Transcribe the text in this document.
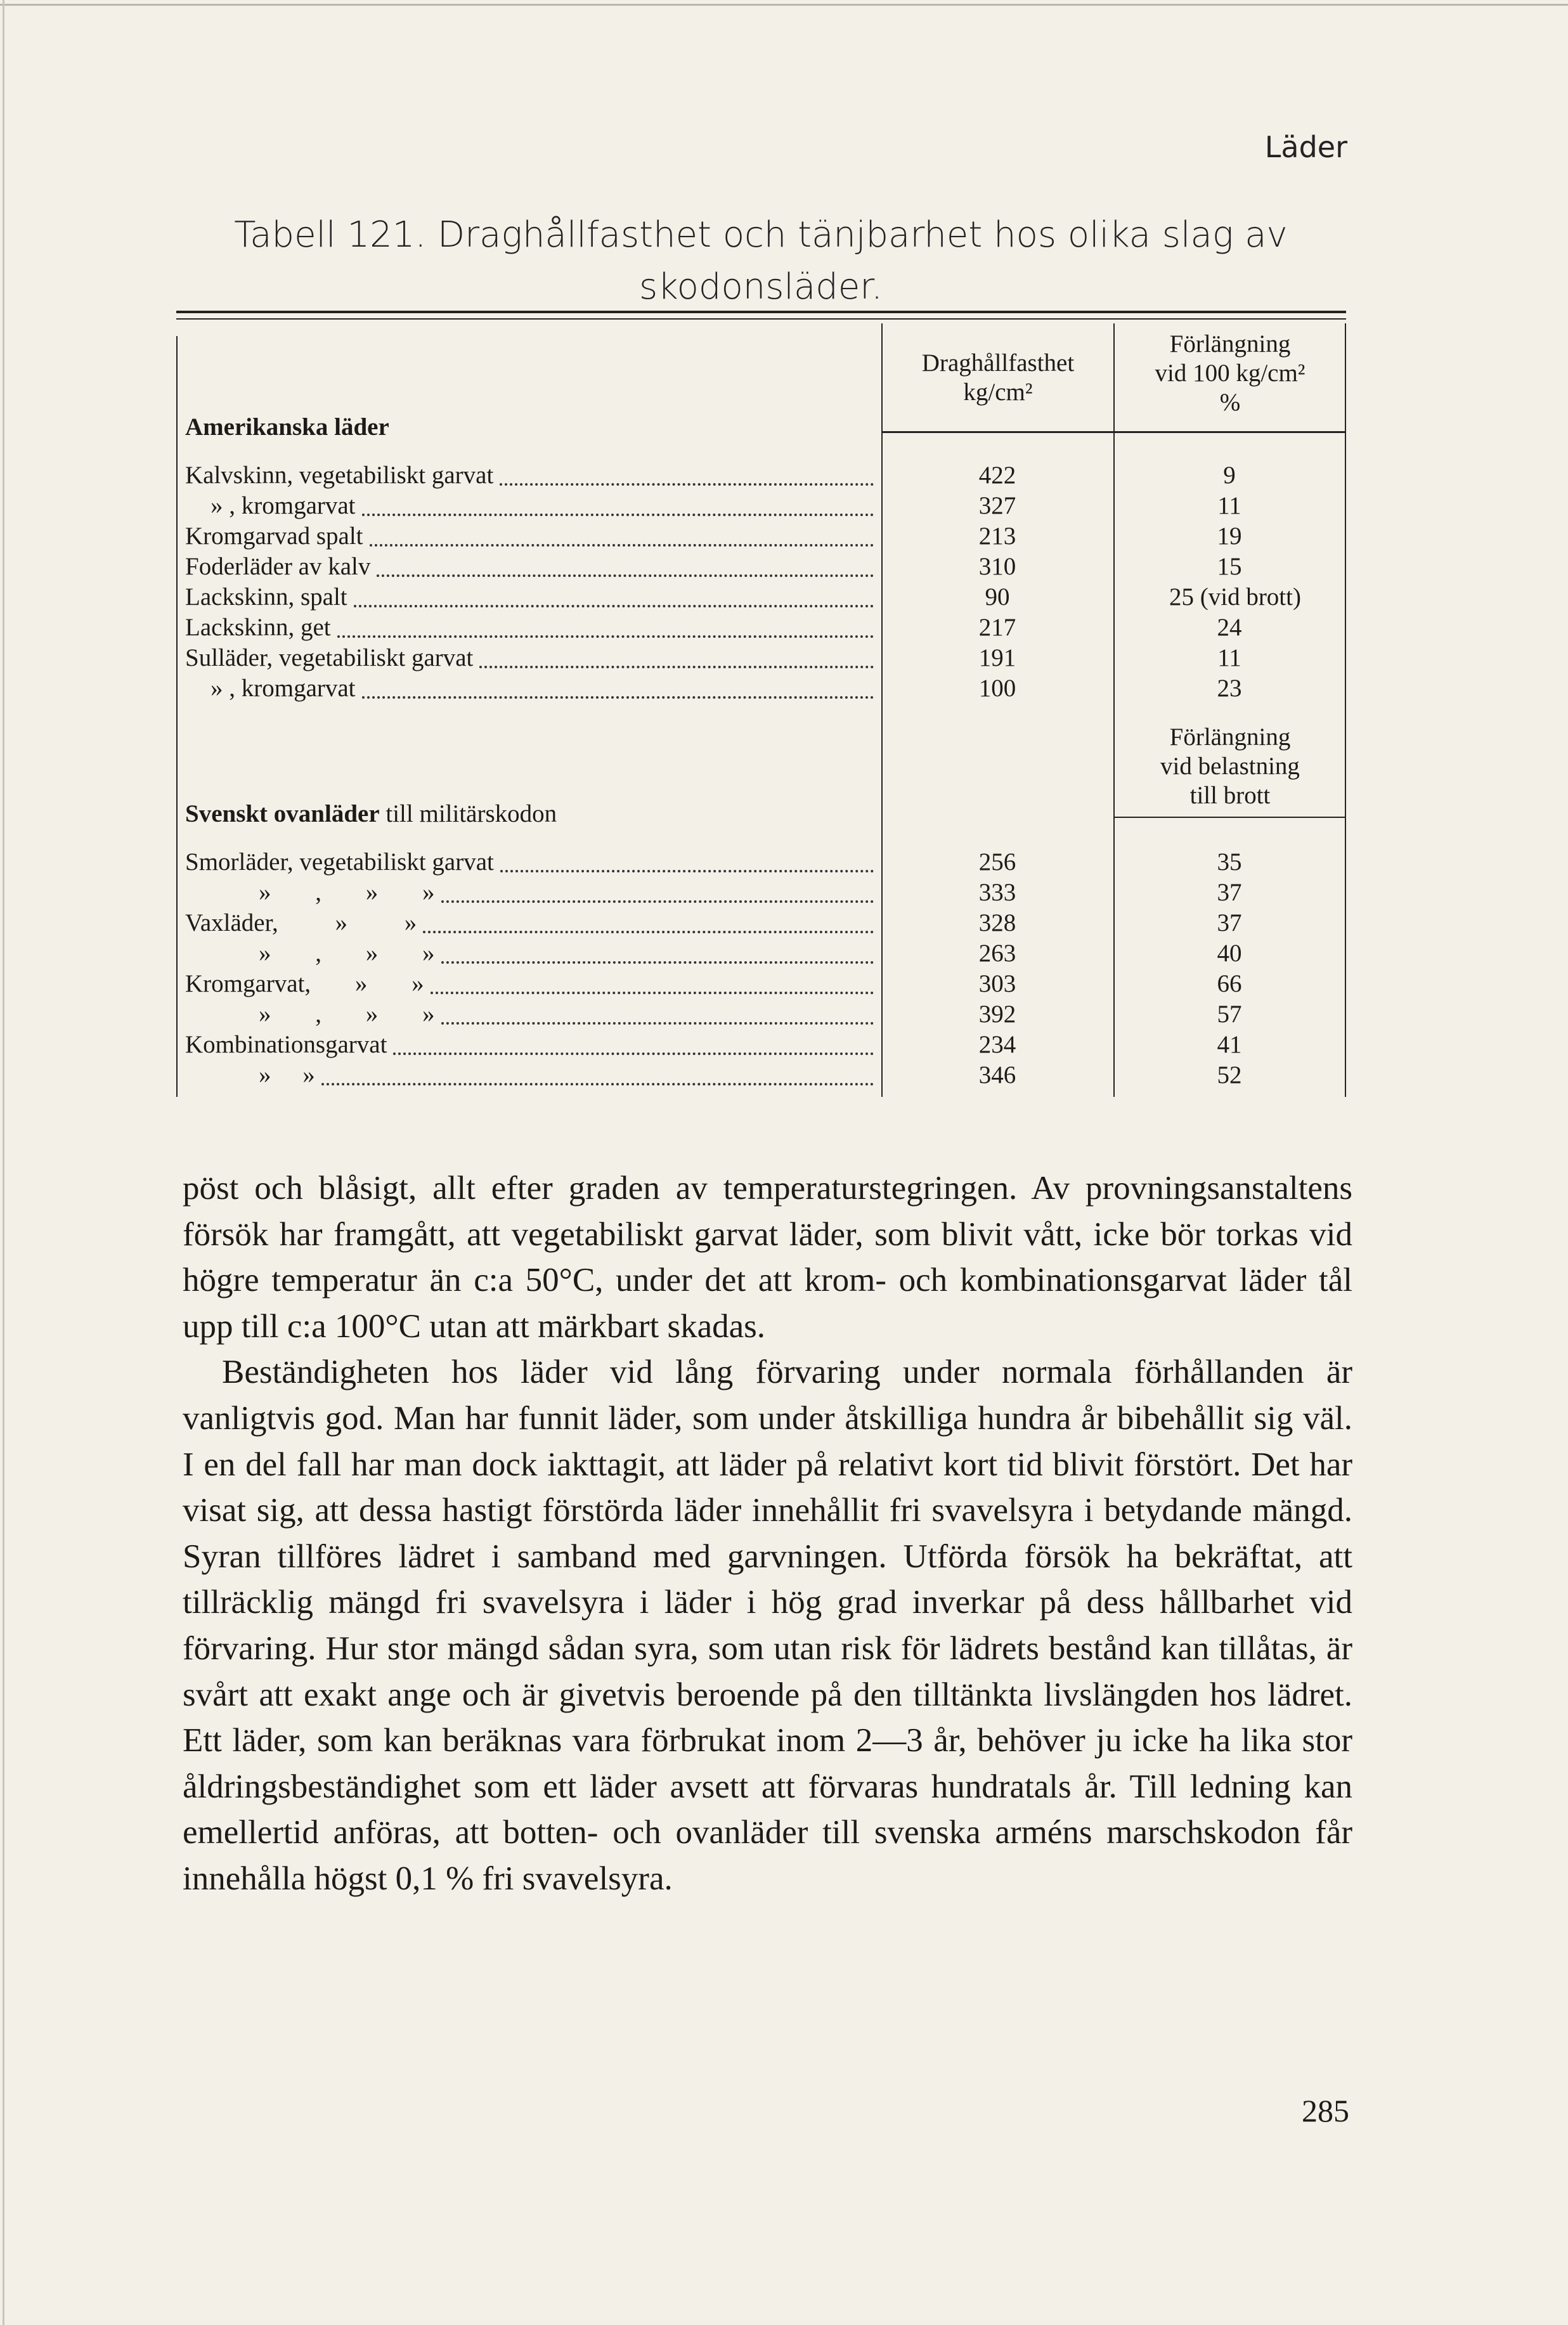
Läder
Tabell 121. Draghållfasthet och tänjbarhet hos olika slag av
skodonsläder.
Draghållfasthet
kg/cm²
Förlängning
vid 100 kg/cm²
%
Förlängning
vid belastning
till brott
Amerikanska läder
Svenskt ovanläder till militärskodon
Kalvskinn, vegetabiliskt garvat	422	9
» , kromgarvat	327	11
Kromgarvad spalt	213	19
Foderläder av kalv	310	15
Lackskinn, spalt	90	25 (vid brott)
Lackskinn, get	217	24
Sulläder, vegetabiliskt garvat	191	11
» , kromgarvat	100	23
Smorläder, vegetabiliskt garvat	256	35
» , » »	333	37
Vaxläder, » »	328	37
» , » »	263	40
Kromgarvat, » »	303	66
» , » »	392	57
Kombinationsgarvat	234	41
» »	346	52

pöst och blåsigt, allt efter graden av temperaturstegringen. Av provningsanstaltens försök har framgått, att vegetabiliskt garvat läder, som blivit vått, icke bör torkas vid högre temperatur än c:a 50°C, under det att krom- och kombinationsgarvat läder tål upp till c:a 100°C utan att märkbart skadas.

Beständigheten hos läder vid lång förvaring under normala förhållanden är vanligtvis god. Man har funnit läder, som under åtskilliga hundra år bibehållit sig väl. I en del fall har man dock iakttagit, att läder på relativt kort tid blivit förstört. Det har visat sig, att dessa hastigt förstörda läder innehållit fri svavelsyra i betydande mängd. Syran tillföres lädret i samband med garvningen. Utförda försök ha bekräftat, att tillräcklig mängd fri svavelsyra i läder i hög grad inverkar på dess hållbarhet vid förvaring. Hur stor mängd sådan syra, som utan risk för lädrets bestånd kan tillåtas, är svårt att exakt ange och är givetvis beroende på den tilltänkta livslängden hos lädret. Ett läder, som kan beräknas vara förbrukat inom 2—3 år, behöver ju icke ha lika stor åldringsbeständighet som ett läder avsett att förvaras hundratals år. Till ledning kan emellertid anföras, att botten- och ovanläder till svenska arméns marschskodon får innehålla högst 0,1 % fri svavelsyra.

285
